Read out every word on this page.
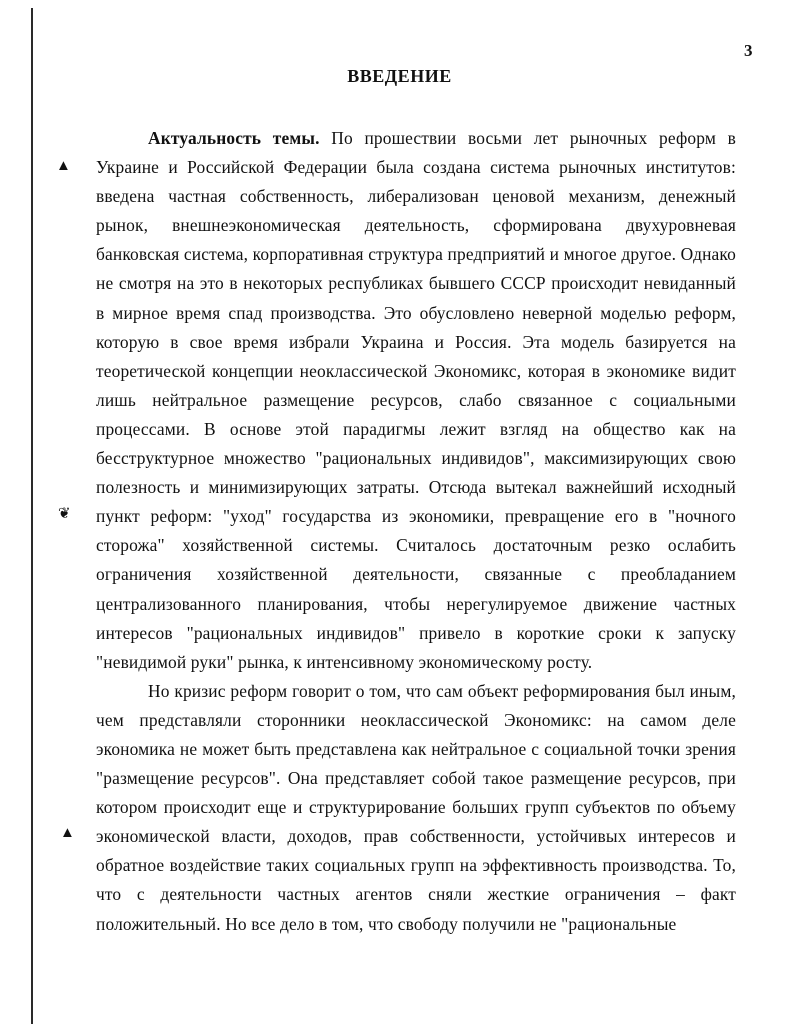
3
ВВЕДЕНИЕ

Актуальность темы. По прошествии восьми лет рыночных реформ в Украине и Российской Федерации была создана система рыночных институтов: введена частная собственность, либерализован ценовой механизм, денежный рынок, внешнеэкономическая деятельность, сформирована двухуровневая банковская система, корпоративная структура предприятий и многое другое. Однако не смотря на это в некоторых республиках бывшего СССР происходит невиданный в мирное время спад производства. Это обусловлено неверной моделью реформ, которую в свое время избрали Украина и Россия. Эта модель базируется на теоретической концепции неоклассической Экономикс, которая в экономике видит лишь нейтральное размещение ресурсов, слабо связанное с социальными процессами. В основе этой парадигмы лежит взгляд на общество как на бесструктурное множество "рациональных индивидов", максимизирующих свою полезность и минимизирующих затраты. Отсюда вытекал важнейший исходный пункт реформ: "уход" государства из экономики, превращение его в "ночного сторожа" хозяйственной системы. Считалось достаточным резко ослабить ограничения хозяйственной деятельности, связанные с преобладанием централизованного планирования, чтобы нерегулируемое движение частных интересов "рациональных индивидов" привело в короткие сроки к запуску "невидимой руки" рынка, к интенсивному экономическому росту.

Но кризис реформ говорит о том, что сам объект реформирования был иным, чем представляли сторонники неоклассической Экономикс: на самом деле экономика не может быть представлена как нейтральное с социальной точки зрения "размещение ресурсов". Она представляет собой такое размещение ресурсов, при котором происходит еще и структурирование больших групп субъектов по объему экономической власти, доходов, прав собственности, устойчивых интересов и обратное воздействие таких социальных групп на эффективность производства. То, что с деятельности частных агентов сняли жесткие ограничения – факт положительный. Но все дело в том, что свободу получили не "рациональные

▲
❦
▲
